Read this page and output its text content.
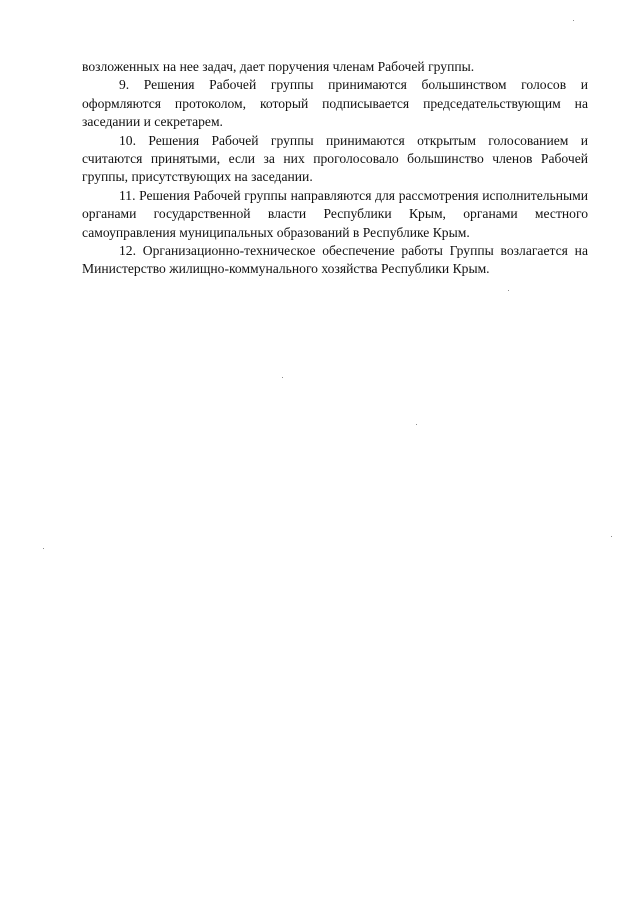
возложенных на нее задач, дает поручения членам Рабочей группы.

9. Решения Рабочей группы принимаются большинством голосов и оформляются протоколом, который подписывается председательствующим на заседании и секретарем.

10. Решения Рабочей группы принимаются открытым голосованием и считаются принятыми, если за них проголосовало большинство членов Рабочей группы, присутствующих на заседании.

11. Решения Рабочей группы направляются для рассмотрения исполнительными органами государственной власти Республики Крым, органами местного самоуправления муниципальных образований в Республике Крым.

12. Организационно-техническое обеспечение работы Группы возлагается на Министерство жилищно-коммунального хозяйства Республики Крым.
